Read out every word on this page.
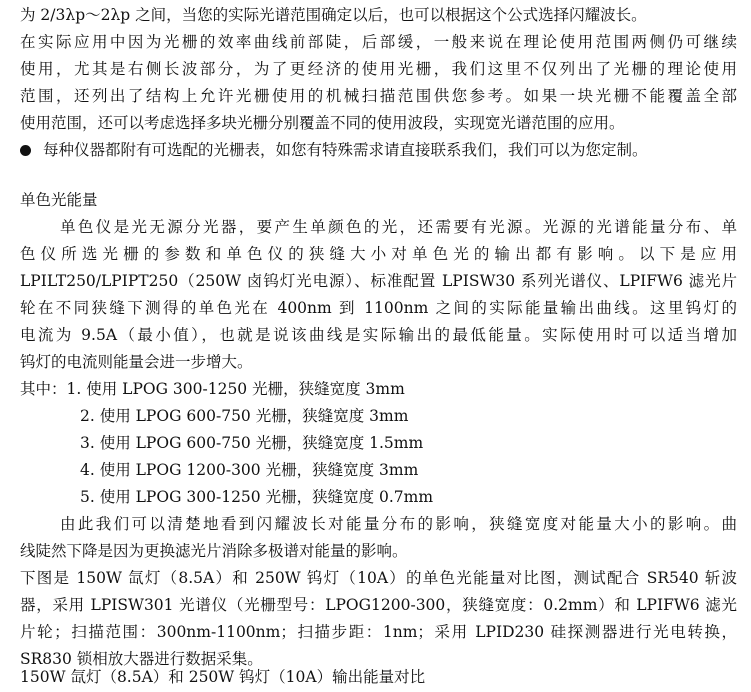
为 2/3λp～2λp 之间，当您的实际光谱范围确定以后，也可以根据这个公式选择闪耀波长。
在实际应用中因为光栅的效率曲线前部陡，后部缓，一般来说在理论使用范围两侧仍可继续
使用，尤其是右侧长波部分，为了更经济的使用光栅，我们这里不仅列出了光栅的理论使用
范围，还列出了结构上允许光栅使用的机械扫描范围供您参考。如果一块光栅不能覆盖全部
使用范围，还可以考虑选择多块光栅分别覆盖不同的使用波段，实现宽光谱范围的应用。
每种仪器都附有可选配的光栅表，如您有特殊需求请直接联系我们，我们可以为您定制。
单色光能量
单色仪是光无源分光器，要产生单颜色的光，还需要有光源。光源的光谱能量分布、单
色仪所选光栅的参数和单色仪的狭缝大小对单色光的输出都有影响。以下是应用
LPILT250/LPIPT250（250W 卤钨灯光电源）、标准配置 LPISW30 系列光谱仪、LPIFW6 滤光片
轮在不同狭缝下测得的单色光在 400nm 到 1100nm 之间的实际能量输出曲线。这里钨灯的
电流为 9.5A（最小值），也就是说该曲线是实际输出的最低能量。实际使用时可以适当增加
钨灯的电流则能量会进一步增大。
其中：1. 使用 LPOG 300-1250 光栅，狭缝宽度 3mm
2. 使用 LPOG 600-750 光栅，狭缝宽度 3mm
3. 使用 LPOG 600-750 光栅，狭缝宽度 1.5mm
4. 使用 LPOG 1200-300 光栅，狭缝宽度 3mm
5. 使用 LPOG 300-1250 光栅，狭缝宽度 0.7mm
由此我们可以清楚地看到闪耀波长对能量分布的影响，狭缝宽度对能量大小的影响。曲
线陡然下降是因为更换滤光片消除多极谱对能量的影响。
下图是 150W 氙灯（8.5A）和 250W 钨灯（10A）的单色光能量对比图，测试配合 SR540 斩波
器，采用 LPISW301 光谱仪（光栅型号：LPOG1200-300，狭缝宽度：0.2mm）和 LPIFW6 滤光
片轮；扫描范围：300nm-1100nm；扫描步距：1nm；采用 LPID230 硅探测器进行光电转换，
SR830 锁相放大器进行数据采集。
150W 氙灯（8.5A）和 250W 钨灯（10A）输出能量对比
